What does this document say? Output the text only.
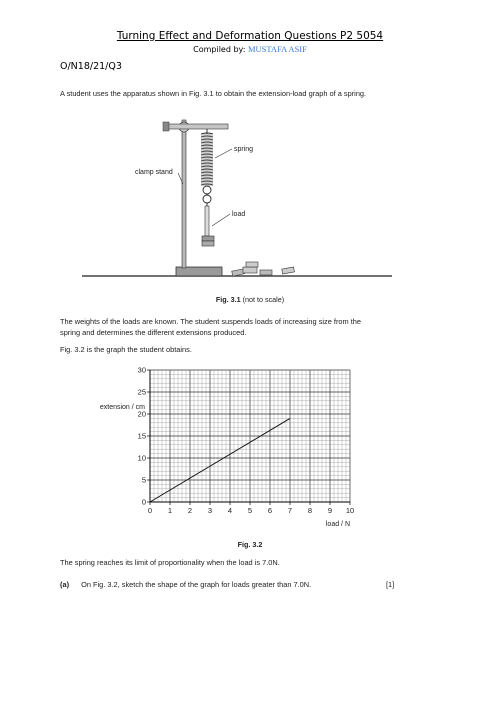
Turning Effect and Deformation Questions P2 5054
Compiled by: MUSTAFA ASIF
O/N18/21/Q3
A student uses the apparatus shown in Fig. 3.1 to obtain the extension-load graph of a spring.
spring
clamp stand
load
Fig. 3.1 (not to scale)
The weights of the loads are known. The student suspends loads of increasing size from the
spring and determines the different extensions produced.
Fig. 3.2 is the graph the student obtains.
0 1 2 3 4 5 6 7 8 9 10
0
5
10
15
20
25
30
extension / cm
load / N
Fig. 3.2
The spring reaches its limit of proportionality when the load is 7.0N.
(a) On Fig. 3.2, sketch the shape of the graph for loads greater than 7.0N.	[1]
